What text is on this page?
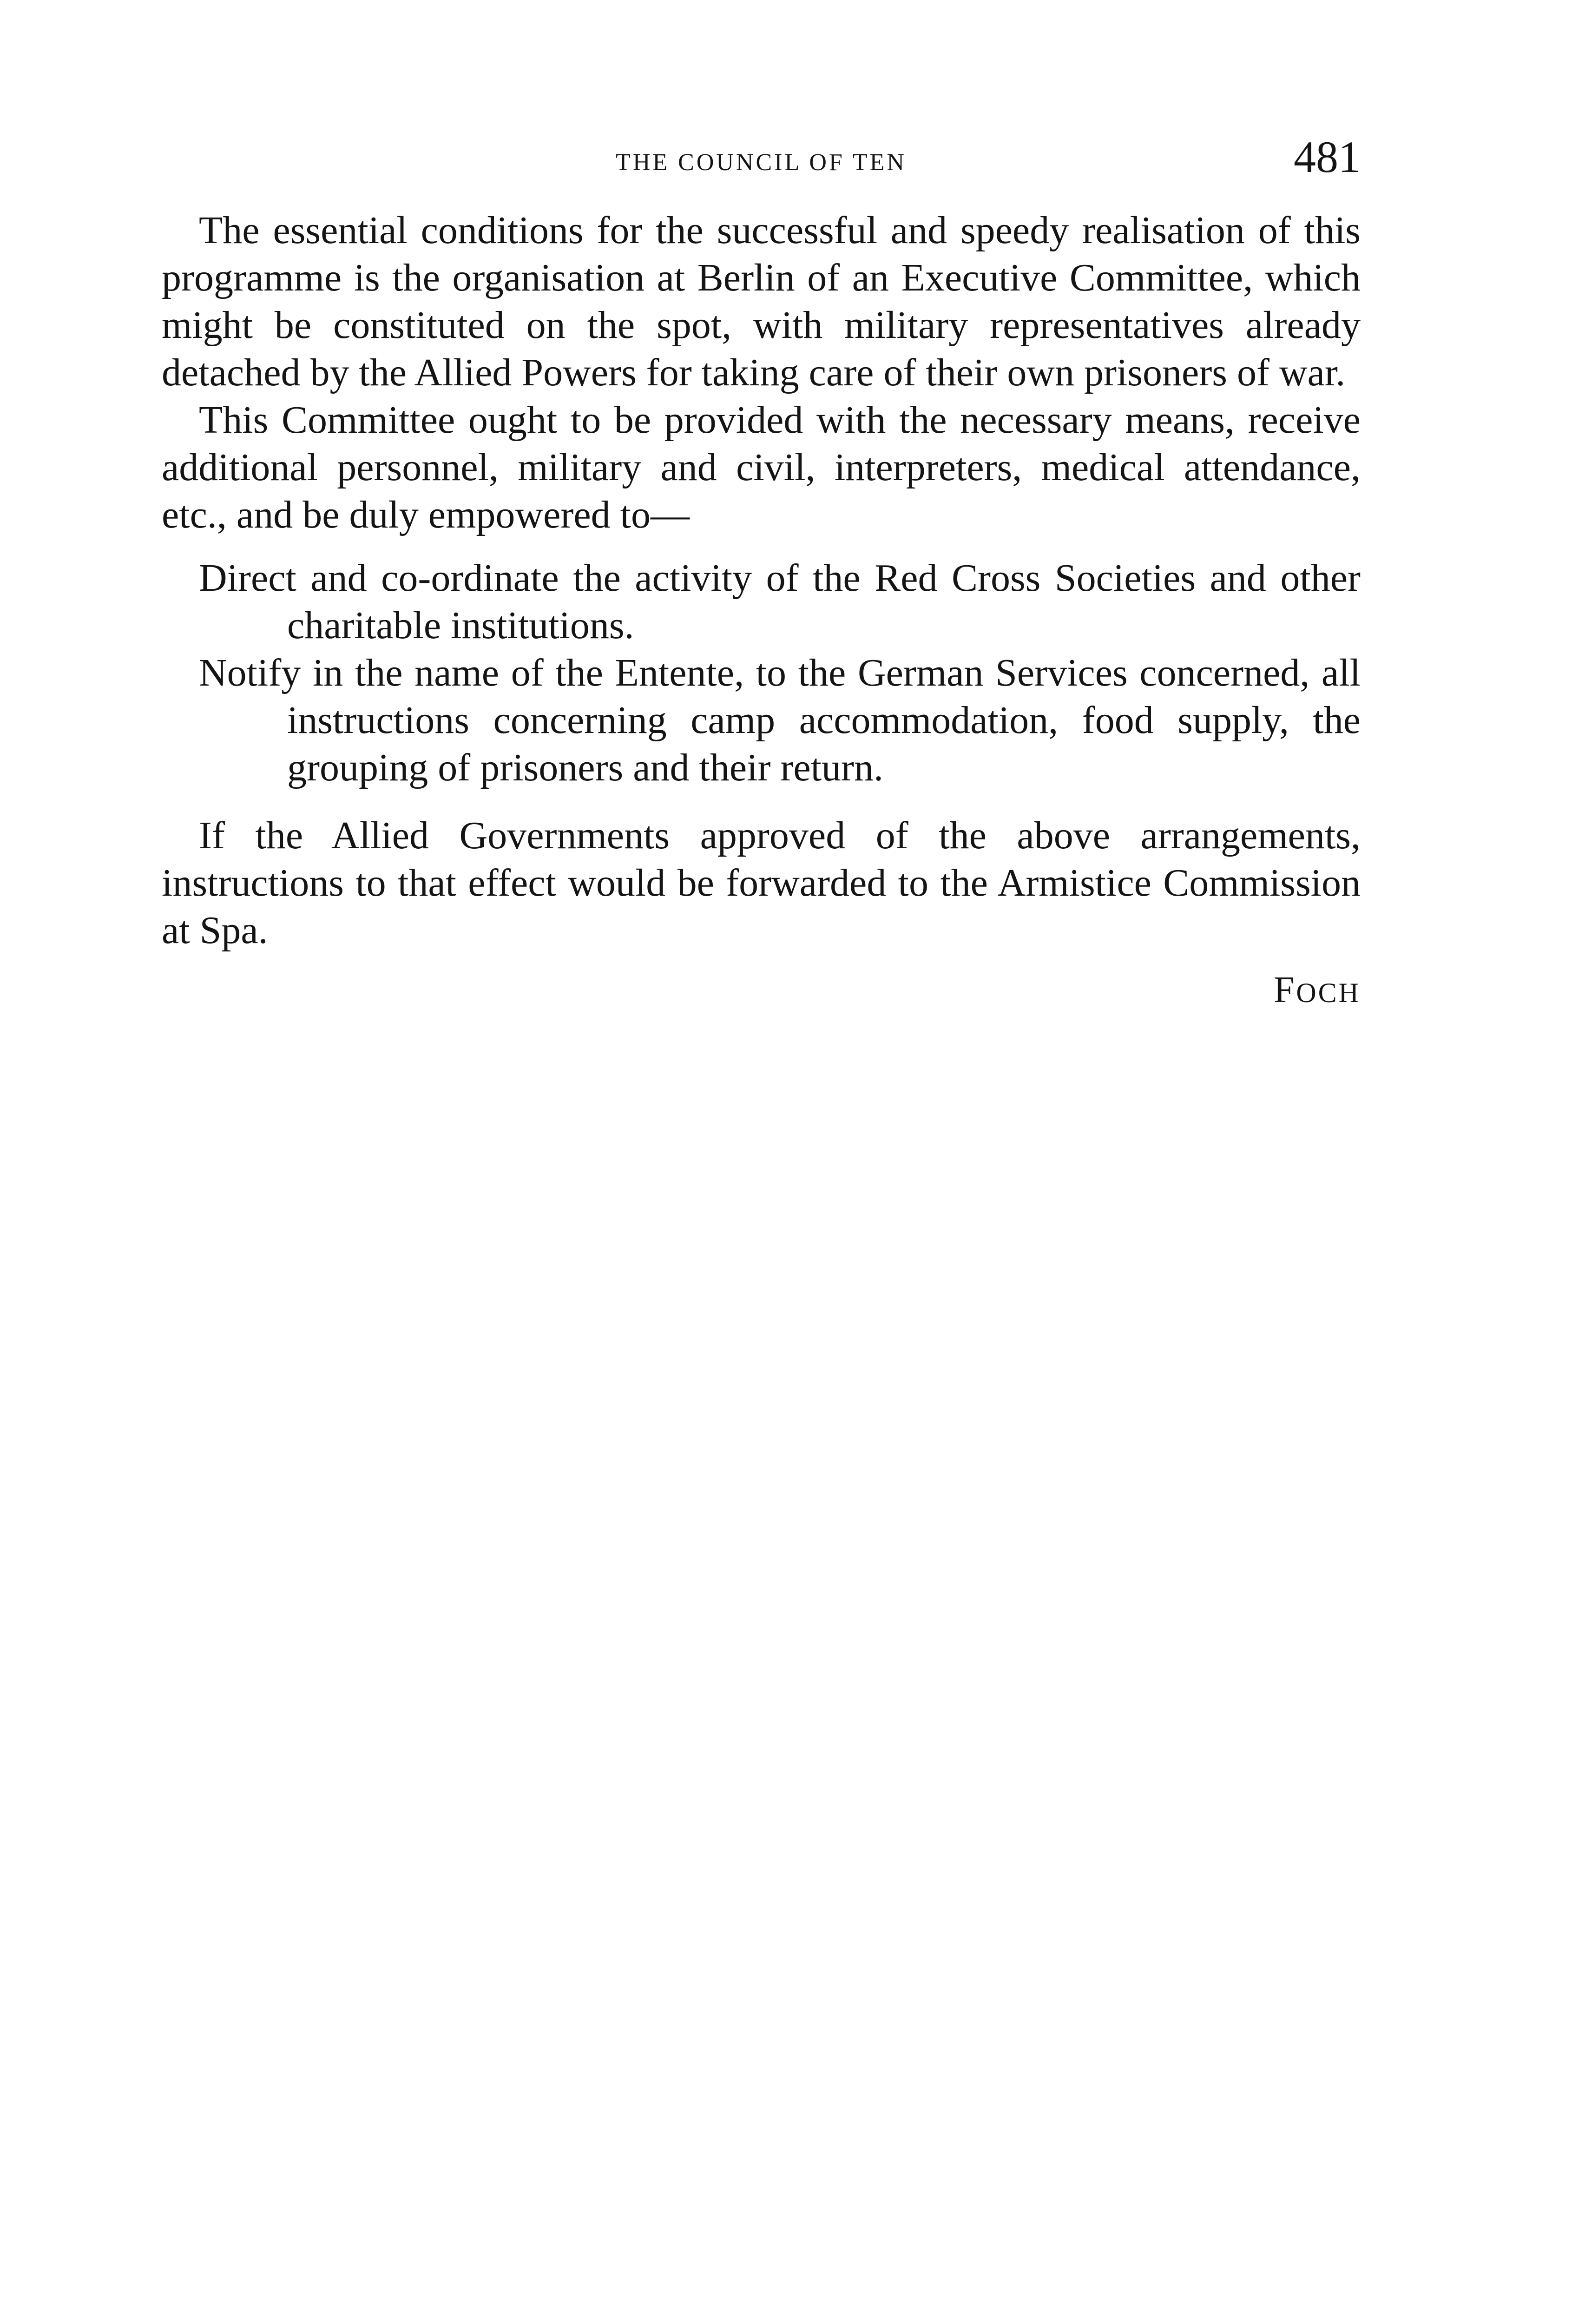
THE COUNCIL OF TEN	481

The essential conditions for the successful and speedy realisation of this programme is the organisation at Berlin of an Executive Committee, which might be constituted on the spot, with military representatives already detached by the Allied Powers for taking care of their own prisoners of war.

This Committee ought to be provided with the necessary means, receive additional personnel, military and civil, interpreters, medical attendance, etc., and be duly empowered to—

Direct and co-ordinate the activity of the Red Cross Societies and other charitable institutions.
Notify in the name of the Entente, to the German Services concerned, all instructions concerning camp accommodation, food supply, the grouping of prisoners and their return.

If the Allied Governments approved of the above arrangements, instructions to that effect would be forwarded to the Armistice Commission at Spa.

FOCH
